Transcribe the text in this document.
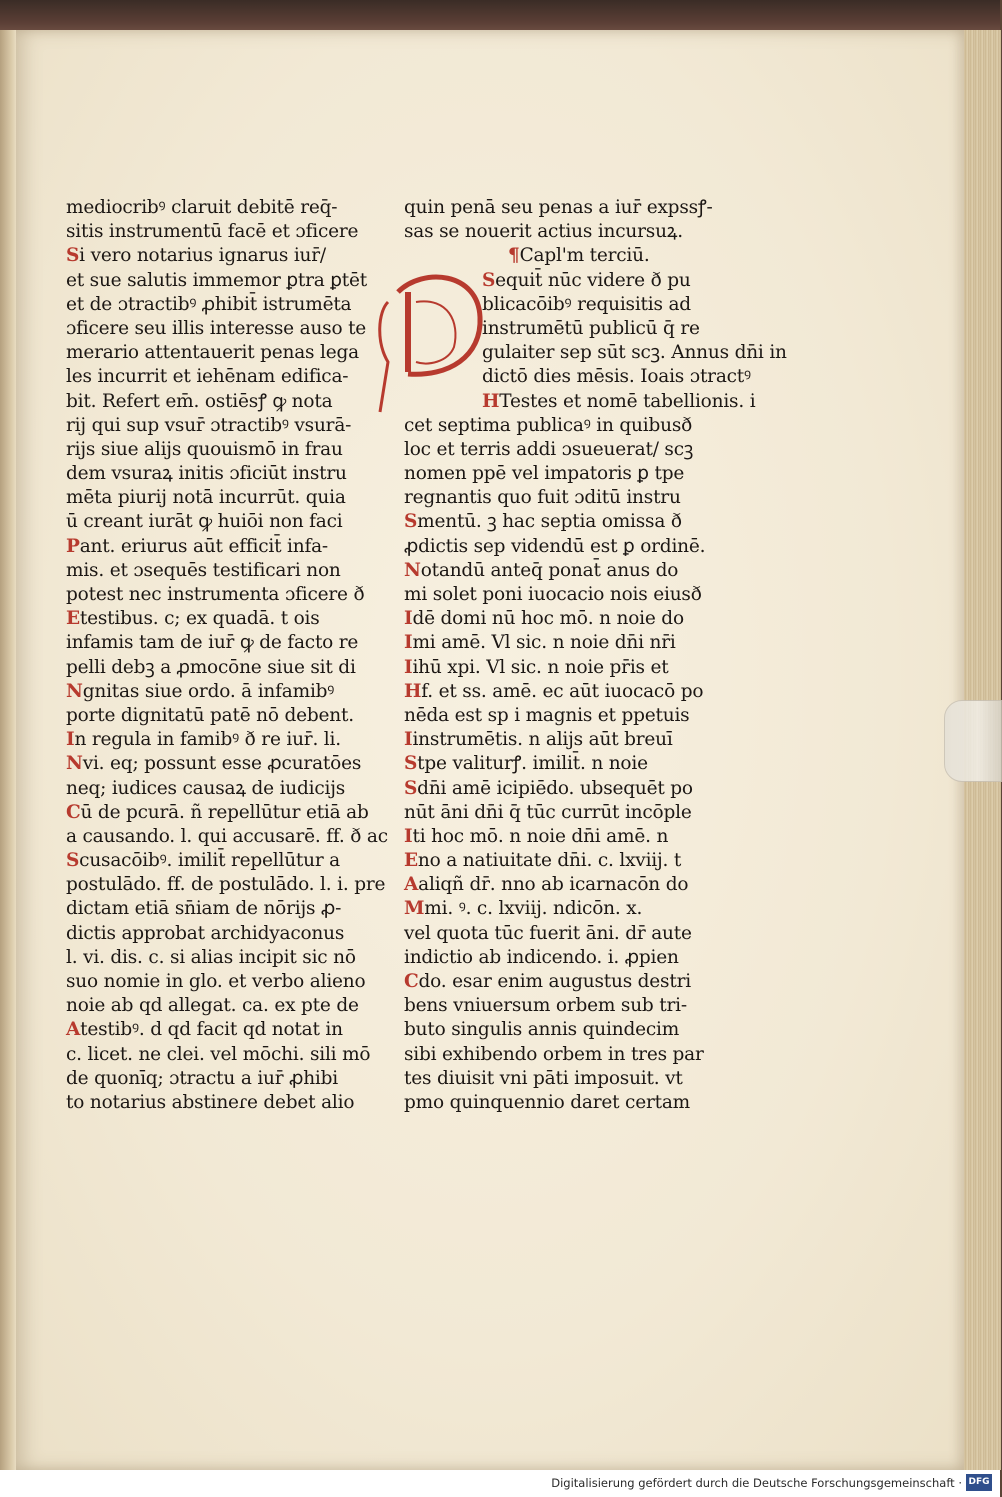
mediocribꝰ claruit debitē req̄-
sitis instrumentū facē et ɔficere
Si vero notarius ignarus iur̄/
et sue salutis immemor ꝑtra ꝑtēt
et de ɔtractibꝰ ꝓhibit̄ istrumēta
ɔficere seu illis interesse auso te
merario attentauerit penas lega
les incurrit et iehēnam edifica-
bit. Refert em̄. ostiēsꝭ ꝙ nota
rij qui sup vsur̄ ɔtractibꝰ vsurā-
rijs siue alijs quouismō in frau
dem vsuraꝝ initis ɔficiūt instru
mēta piurij notā incurrūt. quia
ū creant iurāt ꝙ huiōi non faci
Pant. eriurus aūt efficit̄ infa-
mis. et ɔsequēs testificari non
potest nec instrumenta ɔficere ð
Etestibus. c; ex quadā. t ois
infamis tam de iur̄ ꝙ de facto re
pelli debꝫ a ꝓmocōne siue sit di
Ngnitas siue ordo. ā infamibꝰ
porte dignitatū patē nō debent.
In regula in famibꝰ ð re iur̄. li.
Nvi. eq; possunt esse ꝓcuratōes
neq; iudices causaꝝ de iudicijs
Cū de pcurā. ñ repellūtur etiā ab
a causando. l. qui accusarē. ff. ð ac
Scusacōibꝰ. imilit̄ repellūtur a
postulādo. ff. de postulādo. l. i. pre
dictam etiā sn̄iam de nōrijs ꝓ-
dictis approbat archidyaconus
l. vi. dis. c. si alias incipit sic nō
suo nomie in glo. et verbo alieno
noie ab qd allegat. ca. ex pte de
Atestibꝰ. d qd facit qd notat in
c. licet. ne clei. vel mōchi. sili mō
de quonīq; ɔtractu a iur̄ ꝓhibi
to notarius abstineɾe debet alio
quin penā seu penas a iur̄ expssꝭ-
sas se nouerit actius incursuꝝ.
¶Capl'm terciū.
Sequit̄ nūc videre ð pu
blicacōibꝰ requisitis ad
instrumētū publicū q̄ re
gulaiter sep sūt scꝫ. Annus dn̄i in
dictō dies mēsis. Ioais ɔtractꝰ
HTestes et nomē tabellionis. i
cet septima publicaꝰ in quibusð
loc et terris addi ɔsueuerat/ scꝫ
nomen ppē vel impatoris ꝑ tpe
regnantis quo fuit ɔditū instru
Smentū. ꝫ hac septia omissa ð
ꝓdictis sep videndū est ꝑ ordinē.
Notandū anteq̄ ponat̄ anus do
mi solet poni iuocacio nois eiusð
Idē domi nū hoc mō. n noie do
Imi amē. Vl sic. n noie dn̄i nr̄i
Iihū xpi. Vl sic. n noie pr̄is et
Hf. et ss. amē. ec aūt iuocacō po
nēda est sp i magnis et ppetuis
Iinstrumētis. n alijs aūt breuī
Stpe valiturꝭ. imilit̄. n noie
Sdn̄i amē icipiēdo. ubsequēt po
nūt āni dn̄i q̄ tūc currūt incōple
Iti hoc mō. n noie dn̄i amē. n
Eno a natiuitate dn̄i. c. lxviij. t
Aaliqñ dr̄. nno ab icarnacōn do
Mmi. ꝰ. c. lxviij. ndicōn. x.
vel quota tūc fuerit āni. dr̄ aute
indictio ab indicendo. i. ꝓpien
Cdo. esar enim augustus destri
bens vniuersum orbem sub tri-
buto singulis annis quindecim
sibi exhibendo orbem in tres par
tes diuisit vni pāti imposuit. vt
pmo quinquennio daret certam
Digitalisierung gefördert durch die Deutsche Forschungsgemeinschaft · DFG
